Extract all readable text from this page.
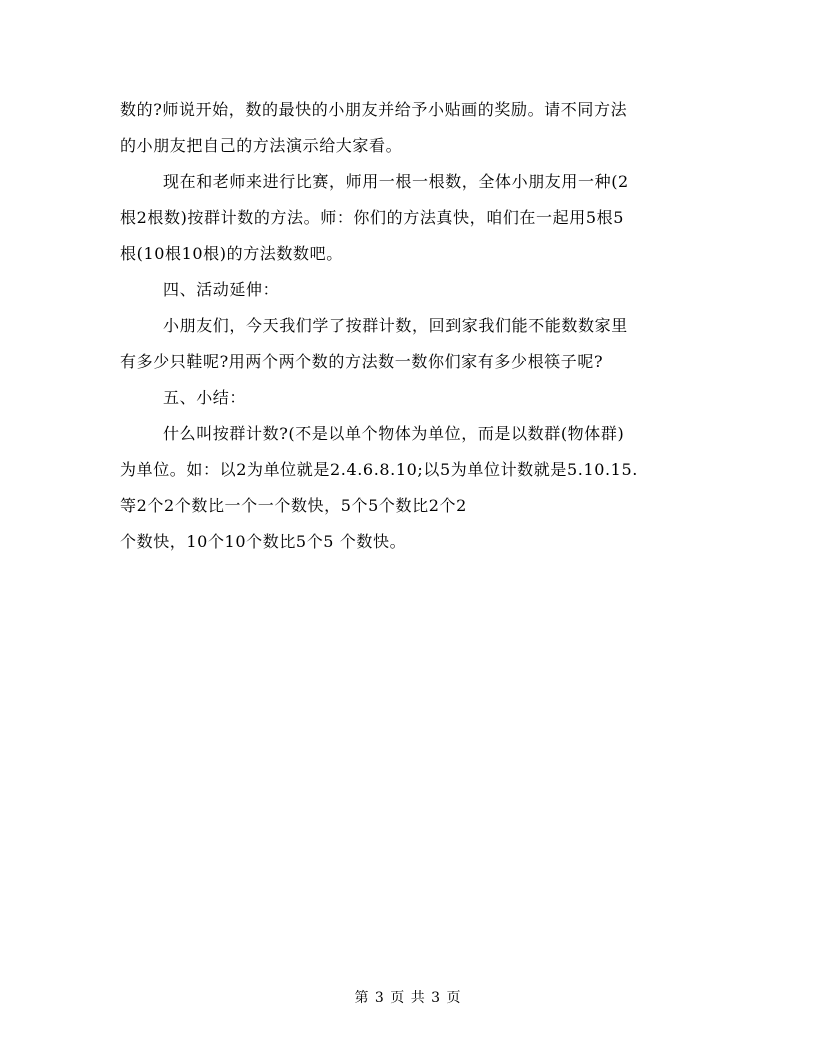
数的?师说开始，数的最快的小朋友并给予小贴画的奖励。请不同方法
的小朋友把自己的方法演示给大家看。
现在和老师来进行比赛，师用一根一根数，全体小朋友用一种(2
根2根数)按群计数的方法。师：你们的方法真快，咱们在一起用5根5
根(10根10根)的方法数数吧。
四、活动延伸：
小朋友们，今天我们学了按群计数，回到家我们能不能数数家里
有多少只鞋呢?用两个两个数的方法数一数你们家有多少根筷子呢?
五、小结：
什么叫按群计数?(不是以单个物体为单位，而是以数群(物体群)
为单位。如：以2为单位就是2.4.6.8.10;以5为单位计数就是5.10.15.
等2个2个数比一个一个数快，5个5个数比2个2
个数快，10个10个数比5个5 个数快。
第 3 页 共 3 页
